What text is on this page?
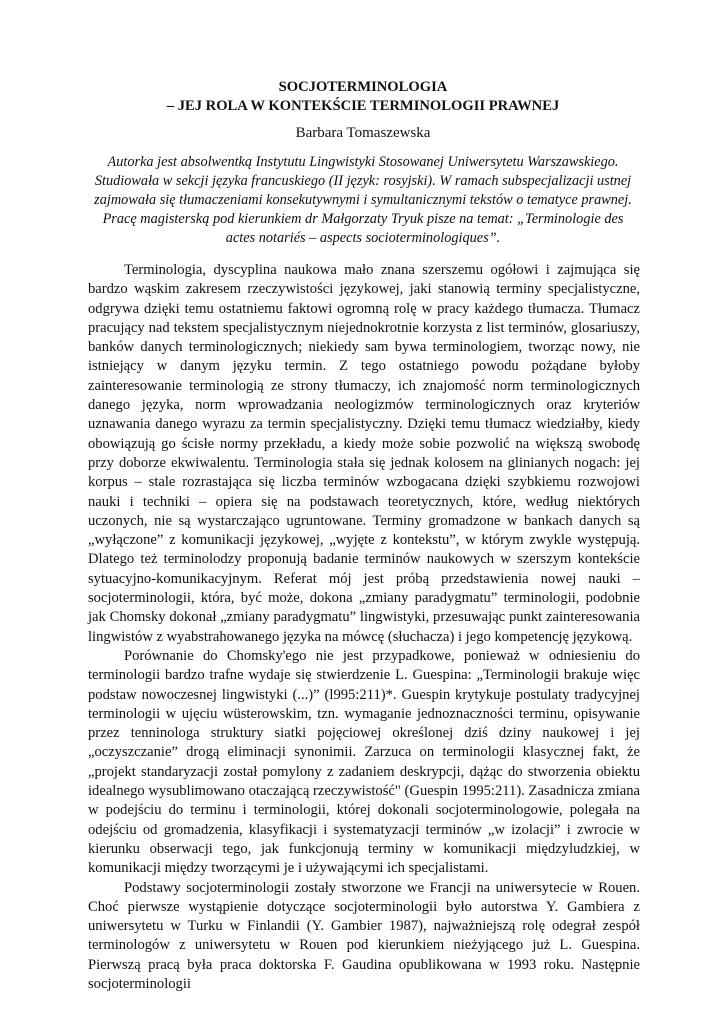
SOCJOTERMINOLOGIA
– JEJ ROLA W KONTEKŚCIE TERMINOLOGII PRAWNEJ
Barbara Tomaszewska
Autorka jest absolwentką Instytutu Lingwistyki Stosowanej Uniwersytetu Warszawskiego. Studiowała w sekcji języka francuskiego (II język: rosyjski). W ramach subspecjalizacji ustnej zajmowała się tłumaczeniami konsekutywnymi i symultanicznymi tekstów o tematyce prawnej. Pracę magisterską pod kierunkiem dr Małgorzaty Tryuk pisze na temat: „Terminologie des actes notariés – aspects socioterminologiques”.

Terminologia, dyscyplina naukowa mało znana szerszemu ogółowi i zajmująca się bardzo wąskim zakresem rzeczywistości językowej, jaki stanowią terminy specjalistyczne, odgrywa dzięki temu ostatniemu faktowi ogromną rolę w pracy każdego tłumacza. Tłumacz pracujący nad tekstem specjalistycznym niejednokrotnie korzysta z list terminów, glosariuszy, banków danych terminologicznych; niekiedy sam bywa terminologiem, tworząc nowy, nie istniejący w danym języku termin. Z tego ostatniego powodu pożądane byłoby zainteresowanie terminologią ze strony tłumaczy, ich znajomość norm terminologicznych danego języka, norm wprowadzania neologizmów terminologicznych oraz kryteriów uznawania danego wyrazu za termin specjalistyczny. Dzięki temu tłumacz wiedziałby, kiedy obowiązują go ścisłe normy przekładu, a kiedy może sobie pozwolić na większą swobodę przy doborze ekwiwalentu. Terminologia stała się jednak kolosem na glinianych nogach: jej korpus – stale rozrastająca się liczba terminów wzbogacana dzięki szybkiemu rozwojowi nauki i techniki – opiera się na podstawach teoretycznych, które, według niektórych uczonych, nie są wystarczająco ugruntowane. Terminy gromadzone w bankach danych są „wyłączone” z komunikacji językowej, „wyjęte z kontekstu”, w którym zwykle występują. Dlatego też terminolodzy proponują badanie terminów naukowych w szerszym kontekście sytuacyjno-komunikacyjnym. Referat mój jest próbą przedstawienia nowej nauki – socjoterminologii, która, być może, dokona „zmiany paradygmatu” terminologii, podobnie jak Chomsky dokonał „zmiany paradygmatu” lingwistyki, przesuwając punkt zainteresowania lingwistów z wyabstrahowanego języka na mówcę (słuchacza) i jego kompetencję językową.

Porównanie do Chomsky'ego nie jest przypadkowe, ponieważ w odniesieniu do terminologii bardzo trafne wydaje się stwierdzenie L. Guespina: „Terminologii brakuje więc podstaw nowoczesnej lingwistyki (...)” (l995:211)*. Guespin krytykuje postulaty tradycyjnej terminologii w ujęciu wüsterowskim, tzn. wymaganie jednoznaczności terminu, opisywanie przez tenninologa struktury siatki pojęciowej określonej dziś dziny naukowej i jej „oczyszczanie” drogą eliminacji synonimii. Zarzuca on terminologii klasycznej fakt, że „projekt standaryzacji został pomylony z zadaniem deskrypcji, dążąc do stworzenia obiektu idealnego wysublimowano otaczającą rzeczywistość" (Guespin 1995:211). Zasadnicza zmiana w podejściu do terminu i terminologii, której dokonali socjoterminologowie, polegała na odejściu od gromadzenia, klasyfikacji i systematyzacji terminów „w izolacji” i zwrocie w kierunku obserwacji tego, jak funkcjonują terminy w komunikacji międzyludzkiej, w komunikacji między tworzącymi je i używającymi ich specjalistami.

Podstawy socjoterminologii zostały stworzone we Francji na uniwersytecie w Rouen. Choć pierwsze wystąpienie dotyczące socjoterminologii było autorstwa Y. Gambiera z uniwersytetu w Turku w Finlandii (Y. Gambier 1987), najważniejszą rolę odegrał zespół terminologów z uniwersytetu w Rouen pod kierunkiem nieżyjącego już L. Guespina. Pierwszą pracą była praca doktorska F. Gaudina opublikowana w 1993 roku. Następnie socjoterminologii
